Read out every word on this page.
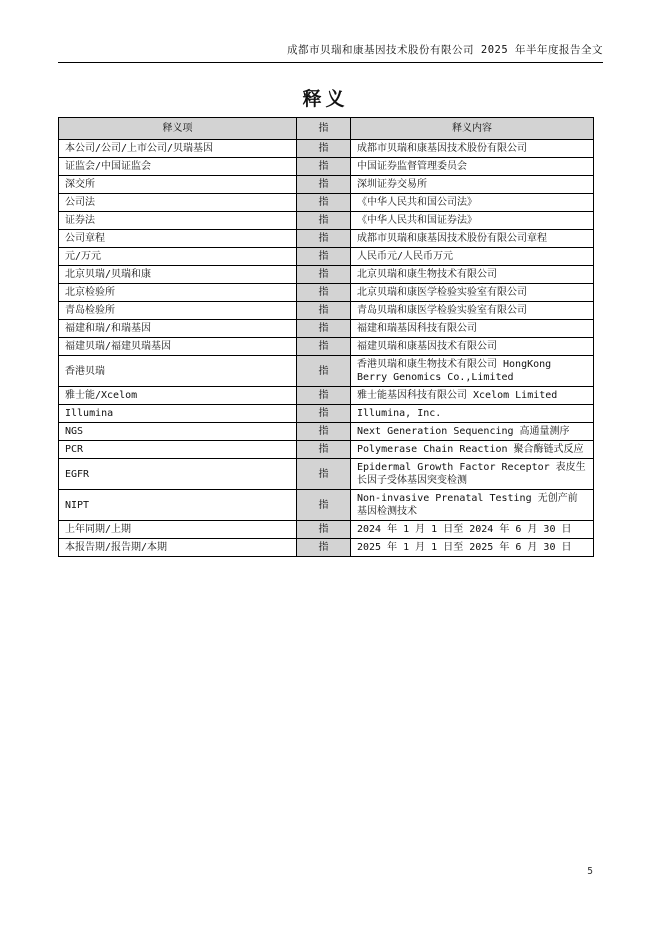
成都市贝瑞和康基因技术股份有限公司 2025 年半年度报告全文
释义
释义项	指	释义内容
本公司/公司/上市公司/贝瑞基因	指	成都市贝瑞和康基因技术股份有限公司
证监会/中国证监会	指	中国证券监督管理委员会
深交所	指	深圳证券交易所
公司法	指	《中华人民共和国公司法》
证券法	指	《中华人民共和国证券法》
公司章程	指	成都市贝瑞和康基因技术股份有限公司章程
元/万元	指	人民币元/人民币万元
北京贝瑞/贝瑞和康	指	北京贝瑞和康生物技术有限公司
北京检验所	指	北京贝瑞和康医学检验实验室有限公司
青岛检验所	指	青岛贝瑞和康医学检验实验室有限公司
福建和瑞/和瑞基因	指	福建和瑞基因科技有限公司
福建贝瑞/福建贝瑞基因	指	福建贝瑞和康基因技术有限公司
香港贝瑞	指	香港贝瑞和康生物技术有限公司 HongKong Berry Genomics Co.,Limited
雅士能/Xcelom	指	雅士能基因科技有限公司 Xcelom Limited
Illumina	指	Illumina, Inc.
NGS	指	Next Generation Sequencing 高通量测序
PCR	指	Polymerase Chain Reaction 聚合酶链式反应
EGFR	指	Epidermal Growth Factor Receptor 表皮生长因子受体基因突变检测
NIPT	指	Non-invasive Prenatal Testing 无创产前基因检测技术
上年同期/上期	指	2024 年 1 月 1 日至 2024 年 6 月 30 日
本报告期/报告期/本期	指	2025 年 1 月 1 日至 2025 年 6 月 30 日
5
